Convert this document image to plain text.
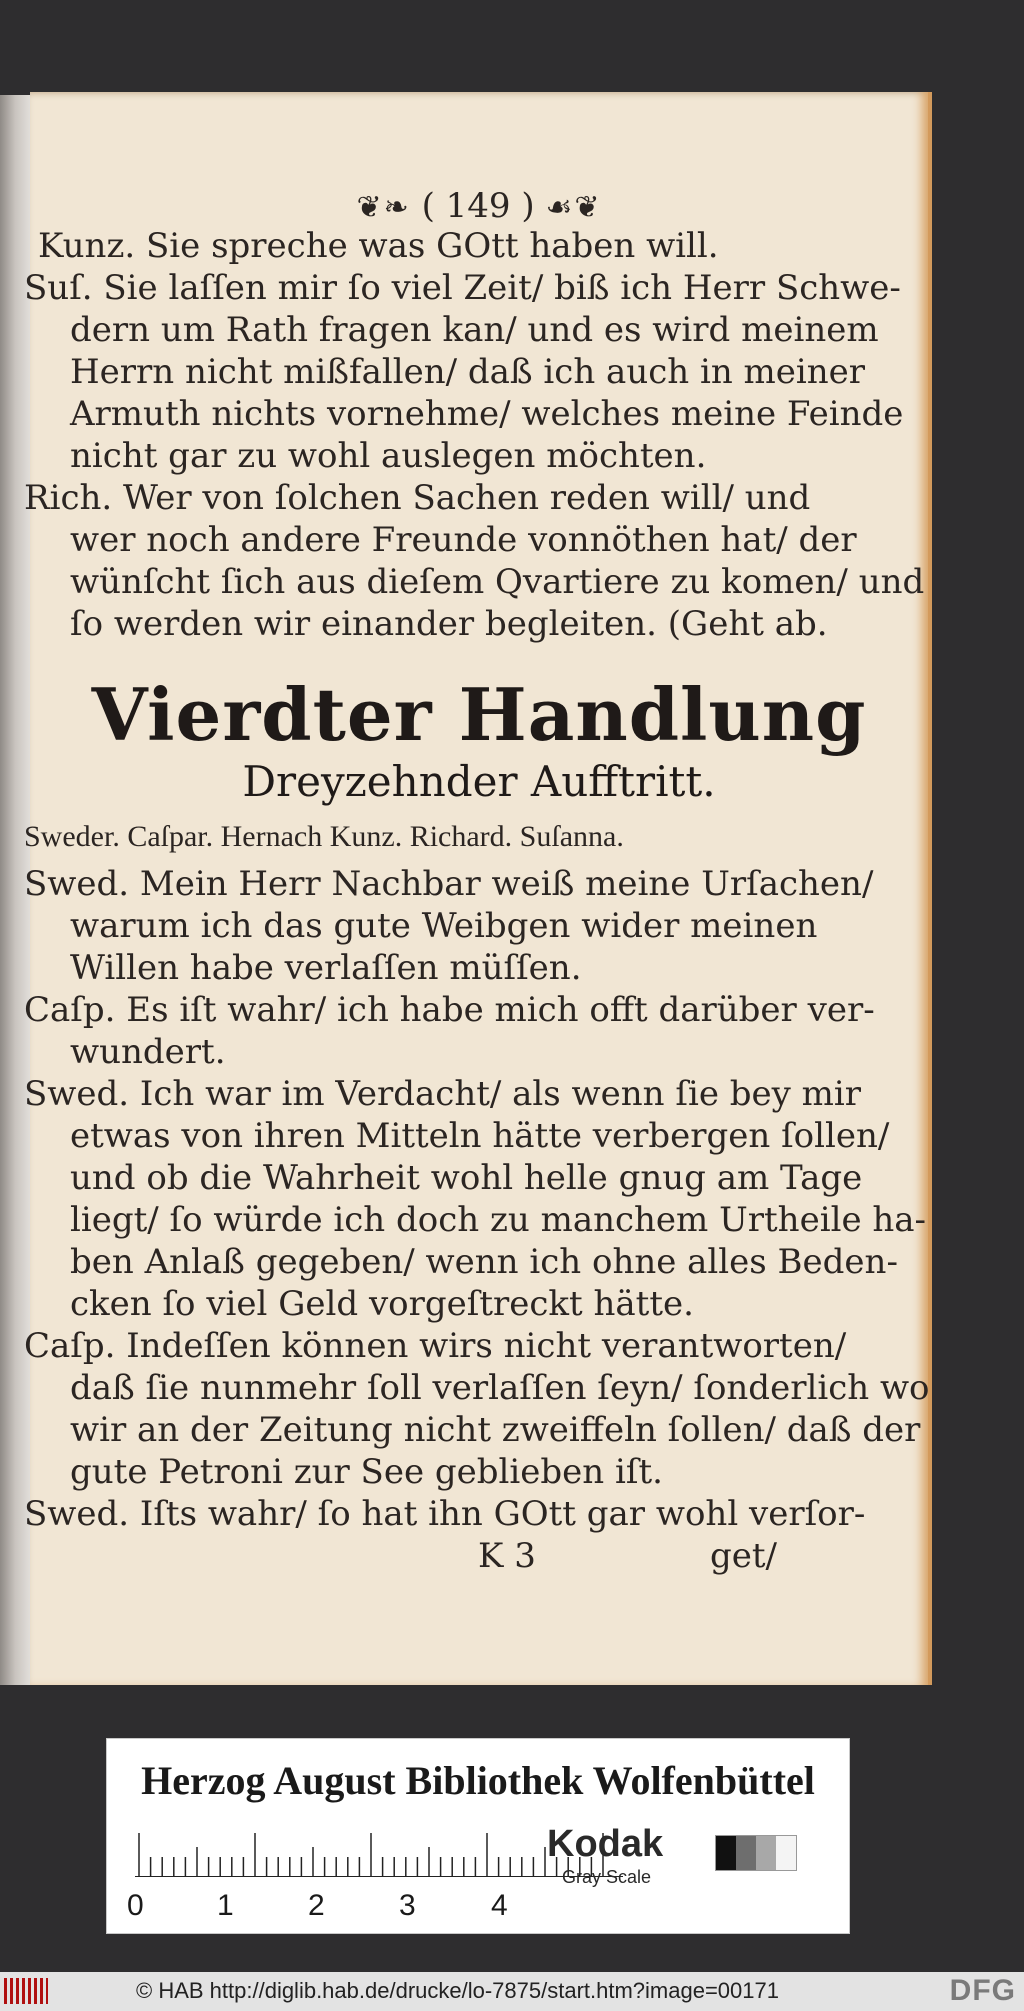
❦❧ ( 149 ) ☙❦
Kunz. Sie spreche was GOtt haben will.
Suſ. Sie laſſen mir ſo viel Zeit/ biß ich Herr Schwe-
dern um Rath fragen kan/ und es wird meinem
Herrn nicht mißfallen/ daß ich auch in meiner
Armuth nichts vornehme/ welches meine Feinde
nicht gar zu wohl auslegen möchten.
Rich. Wer von ſolchen Sachen reden will/ und
wer noch andere Freunde vonnöthen hat/ der
wünſcht ſich aus dieſem Qvartiere zu komen/ und
ſo werden wir einander begleiten. (Geht ab.
Vierdter Handlung
Dreyzehnder Aufftritt.
Sweder. Caſpar. Hernach Kunz. Richard. Suſanna.
Swed. Mein Herr Nachbar weiß meine Urſachen/
warum ich das gute Weibgen wider meinen
Willen habe verlaſſen müſſen.
Caſp. Es iſt wahr/ ich habe mich offt darüber ver-
wundert.
Swed. Ich war im Verdacht/ als wenn ſie bey mir
etwas von ihren Mitteln hätte verbergen ſollen/
und ob die Wahrheit wohl helle gnug am Tage
liegt/ ſo würde ich doch zu manchem Urtheile ha-
ben Anlaß gegeben/ wenn ich ohne alles Beden-
cken ſo viel Geld vorgeſtreckt hätte.
Caſp. Indeſſen können wirs nicht verantworten/
daß ſie nunmehr ſoll verlaſſen ſeyn/ ſonderlich wo
wir an der Zeitung nicht zweiffeln ſollen/ daß der
gute Petroni zur See geblieben iſt.
Swed. Iſts wahr/ ſo hat ihn GOtt gar wohl verſor-
K 3	get/
Herzog August Bibliothek Wolfenbüttel
0 1 2 3	4
Kodak
Gray Scale
© HAB http://diglib.hab.de/drucke/lo-7875/start.htm?image=00171	DFG
